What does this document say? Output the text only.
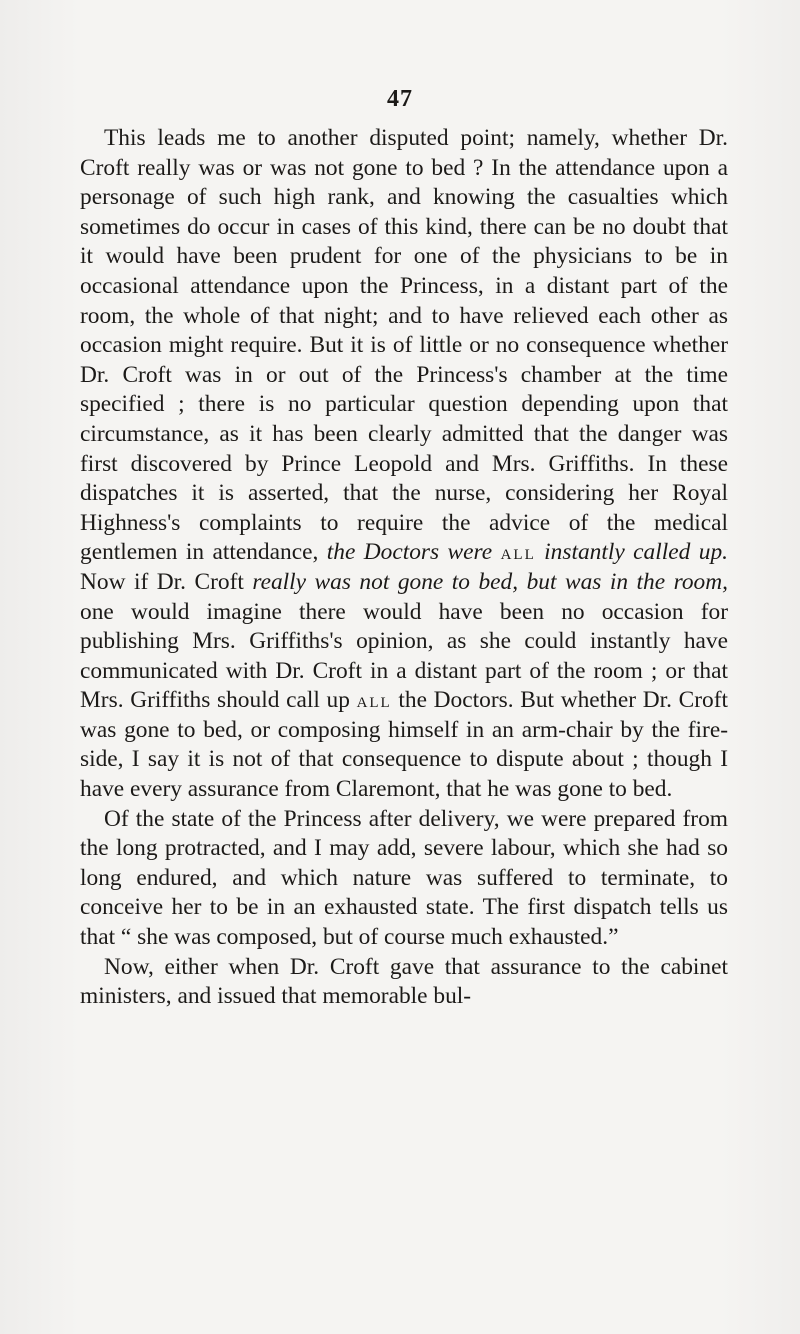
47

This leads me to another disputed point; namely, whether Dr. Croft really was or was not gone to bed ? In the attendance upon a personage of such high rank, and knowing the casualties which sometimes do occur in cases of this kind, there can be no doubt that it would have been prudent for one of the physicians to be in occasional attendance upon the Princess, in a distant part of the room, the whole of that night; and to have relieved each other as occasion might require. But it is of little or no consequence whether Dr. Croft was in or out of the Princess's chamber at the time specified ; there is no particular question depending upon that circumstance, as it has been clearly admitted that the danger was first discovered by Prince Leopold and Mrs. Griffiths. In these dispatches it is asserted, that the nurse, considering her Royal Highness's complaints to require the advice of the medical gentlemen in attendance, the Doctors were all instantly called up. Now if Dr. Croft really was not gone to bed, but was in the room, one would imagine there would have been no occasion for publishing Mrs. Griffiths's opinion, as she could instantly have communicated with Dr. Croft in a distant part of the room ; or that Mrs. Griffiths should call up all the Doctors. But whether Dr. Croft was gone to bed, or composing himself in an arm-chair by the fire-side, I say it is not of that consequence to dispute about ; though I have every assurance from Claremont, that he was gone to bed.

Of the state of the Princess after delivery, we were prepared from the long protracted, and I may add, severe labour, which she had so long endured, and which nature was suffered to terminate, to conceive her to be in an exhausted state. The first dispatch tells us that “ she was composed, but of course much exhausted.”

Now, either when Dr. Croft gave that assurance to the cabinet ministers, and issued that memorable bul-
